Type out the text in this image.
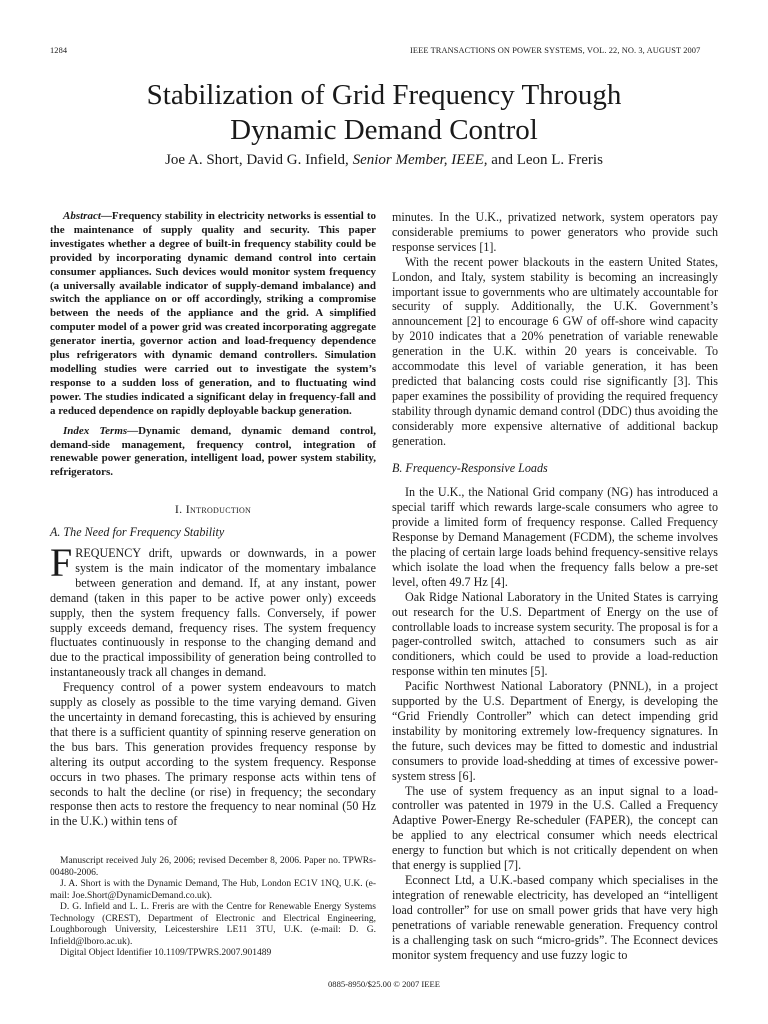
1284	IEEE TRANSACTIONS ON POWER SYSTEMS, VOL. 22, NO. 3, AUGUST 2007
Stabilization of Grid Frequency Through
Dynamic Demand Control
Joe A. Short, David G. Infield, Senior Member, IEEE, and Leon L. Freris

Abstract—Frequency stability in electricity networks is essential to the maintenance of supply quality and security. This paper investigates whether a degree of built-in frequency stability could be provided by incorporating dynamic demand control into certain consumer appliances. Such devices would monitor system frequency (a universally available indicator of supply-demand imbalance) and switch the appliance on or off accordingly, striking a compromise between the needs of the appliance and the grid. A simplified computer model of a power grid was created incorporating aggregate generator inertia, governor action and load-frequency dependence plus refrigerators with dynamic demand controllers. Simulation modelling studies were carried out to investigate the system’s response to a sudden loss of generation, and to fluctuating wind power. The studies indicated a significant delay in frequency-fall and a reduced dependence on rapidly deployable backup generation.

Index Terms—Dynamic demand, dynamic demand control, demand-side management, frequency control, integration of renewable power generation, intelligent load, power system stability, refrigerators.

I. Introduction
A. The Need for Frequency Stability

FREQUENCY drift, upwards or downwards, in a power system is the main indicator of the momentary imbalance between generation and demand. If, at any instant, power demand (taken in this paper to be active power only) exceeds supply, then the system frequency falls. Conversely, if power supply exceeds demand, frequency rises. The system frequency fluctuates continuously in response to the changing demand and due to the practical impossibility of generation being controlled to instantaneously track all changes in demand.

Frequency control of a power system endeavours to match supply as closely as possible to the time varying demand. Given the uncertainty in demand forecasting, this is achieved by ensuring that there is a sufficient quantity of spinning reserve generation on the bus bars. This generation provides frequency response by altering its output according to the system frequency. Response occurs in two phases. The primary response acts within tens of seconds to halt the decline (or rise) in frequency; the secondary response then acts to restore the frequency to near nominal (50 Hz in the U.K.) within tens of

Manuscript received July 26, 2006; revised December 8, 2006. Paper no. TPWRs-00480-2006.

J. A. Short is with the Dynamic Demand, The Hub, London EC1V 1NQ, U.K. (e-mail: Joe.Short@DynamicDemand.co.uk).

D. G. Infield and L. L. Freris are with the Centre for Renewable Energy Systems Technology (CREST), Department of Electronic and Electrical Engineering, Loughborough University, Leicestershire LE11 3TU, U.K. (e-mail: D. G. Infield@lboro.ac.uk).

Digital Object Identifier 10.1109/TPWRS.2007.901489

minutes. In the U.K., privatized network, system operators pay considerable premiums to power generators who provide such response services [1].

With the recent power blackouts in the eastern United States, London, and Italy, system stability is becoming an increasingly important issue to governments who are ultimately accountable for security of supply. Additionally, the U.K. Government’s announcement [2] to encourage 6 GW of off-shore wind capacity by 2010 indicates that a 20% penetration of variable renewable generation in the U.K. within 20 years is conceivable. To accommodate this level of variable generation, it has been predicted that balancing costs could rise significantly [3]. This paper examines the possibility of providing the required frequency stability through dynamic demand control (DDC) thus avoiding the considerably more expensive alternative of additional backup generation.

B. Frequency-Responsive Loads

In the U.K., the National Grid company (NG) has introduced a special tariff which rewards large-scale consumers who agree to provide a limited form of frequency response. Called Frequency Response by Demand Management (FCDM), the scheme involves the placing of certain large loads behind frequency-sensitive relays which isolate the load when the frequency falls below a pre-set level, often 49.7 Hz [4].

Oak Ridge National Laboratory in the United States is carrying out research for the U.S. Department of Energy on the use of controllable loads to increase system security. The proposal is for a pager-controlled switch, attached to consumers such as air conditioners, which could be used to provide a load-reduction response within ten minutes [5].

Pacific Northwest National Laboratory (PNNL), in a project supported by the U.S. Department of Energy, is developing the “Grid Friendly Controller” which can detect impending grid instability by monitoring extremely low-frequency signatures. In the future, such devices may be fitted to domestic and industrial consumers to provide load-shedding at times of excessive power-system stress [6].

The use of system frequency as an input signal to a load-controller was patented in 1979 in the U.S. Called a Frequency Adaptive Power-Energy Re-scheduler (FAPER), the concept can be applied to any electrical consumer which needs electrical energy to function but which is not critically dependent on when that energy is supplied [7].

Econnect Ltd, a U.K.-based company which specialises in the integration of renewable electricity, has developed an “intelligent load controller” for use on small power grids that have very high penetrations of variable renewable generation. Frequency control is a challenging task on such “micro-grids”. The Econnect devices monitor system frequency and use fuzzy logic to

0885-8950/$25.00 © 2007 IEEE
